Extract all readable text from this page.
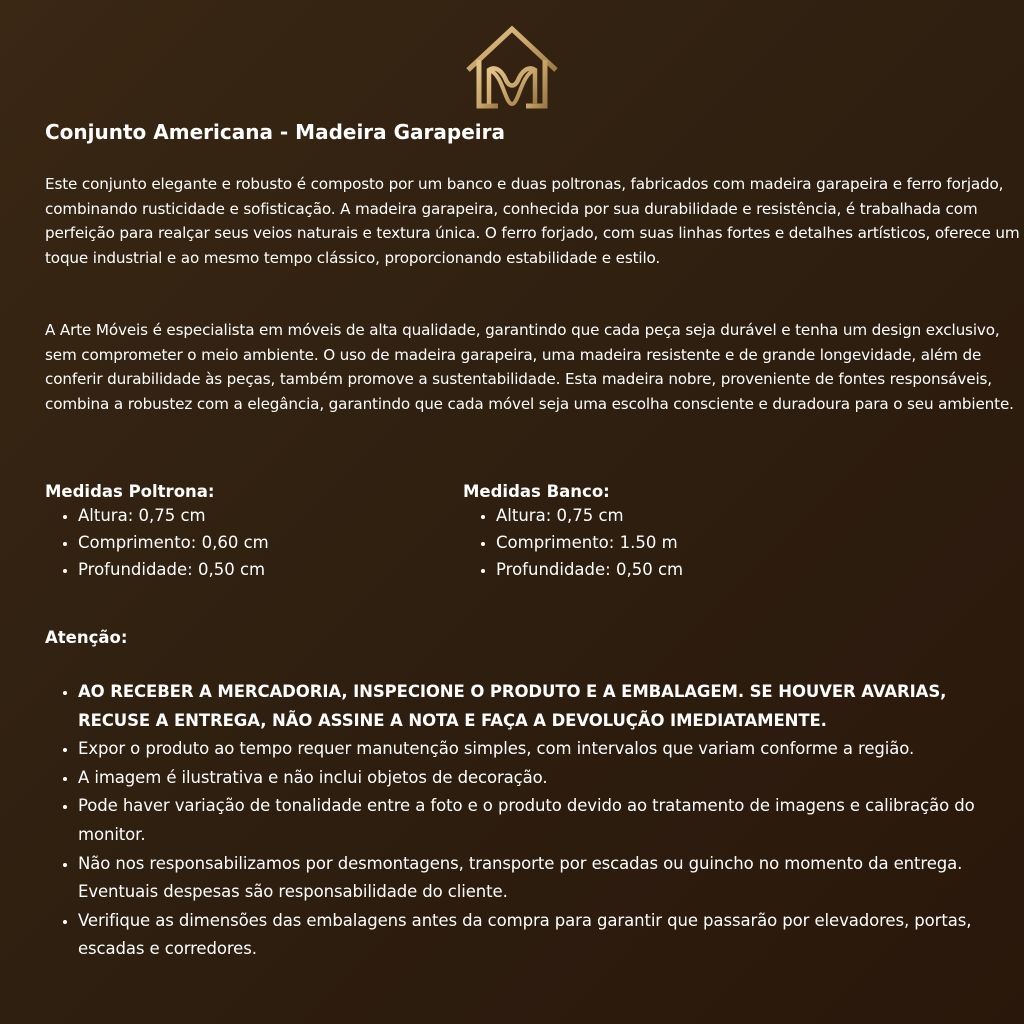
Conjunto Americana - Madeira Garapeira

Este conjunto elegante e robusto é composto por um banco e duas poltronas, fabricados com madeira garapeira e ferro forjado, combinando rusticidade e sofisticação. A madeira garapeira, conhecida por sua durabilidade e resistência, é trabalhada com perfeição para realçar seus veios naturais e textura única. O ferro forjado, com suas linhas fortes e detalhes artísticos, oferece um toque industrial e ao mesmo tempo clássico, proporcionando estabilidade e estilo.

A Arte Móveis é especialista em móveis de alta qualidade, garantindo que cada peça seja durável e tenha um design exclusivo, sem comprometer o meio ambiente. O uso de madeira garapeira, uma madeira resistente e de grande longevidade, além de conferir durabilidade às peças, também promove a sustentabilidade. Esta madeira nobre, proveniente de fontes responsáveis, combina a robustez com a elegância, garantindo que cada móvel seja uma escolha consciente e duradoura para o seu ambiente.

Medidas Poltrona:
• Altura: 0,75 cm
• Comprimento: 0,60 cm
• Profundidade: 0,50 cm
Medidas Banco:
• Altura: 0,75 cm
• Comprimento: 1.50 m
• Profundidade: 0,50 cm
Atenção:
• AO RECEBER A MERCADORIA, INSPECIONE O PRODUTO E A EMBALAGEM. SE HOUVER AVARIAS, RECUSE A ENTREGA, NÃO ASSINE A NOTA E FAÇA A DEVOLUÇÃO IMEDIATAMENTE.
• Expor o produto ao tempo requer manutenção simples, com intervalos que variam conforme a região.
• A imagem é ilustrativa e não inclui objetos de decoração.
• Pode haver variação de tonalidade entre a foto e o produto devido ao tratamento de imagens e calibração do monitor.
• Não nos responsabilizamos por desmontagens, transporte por escadas ou guincho no momento da entrega. Eventuais despesas são responsabilidade do cliente.
• Verifique as dimensões das embalagens antes da compra para garantir que passarão por elevadores, portas, escadas e corredores.
